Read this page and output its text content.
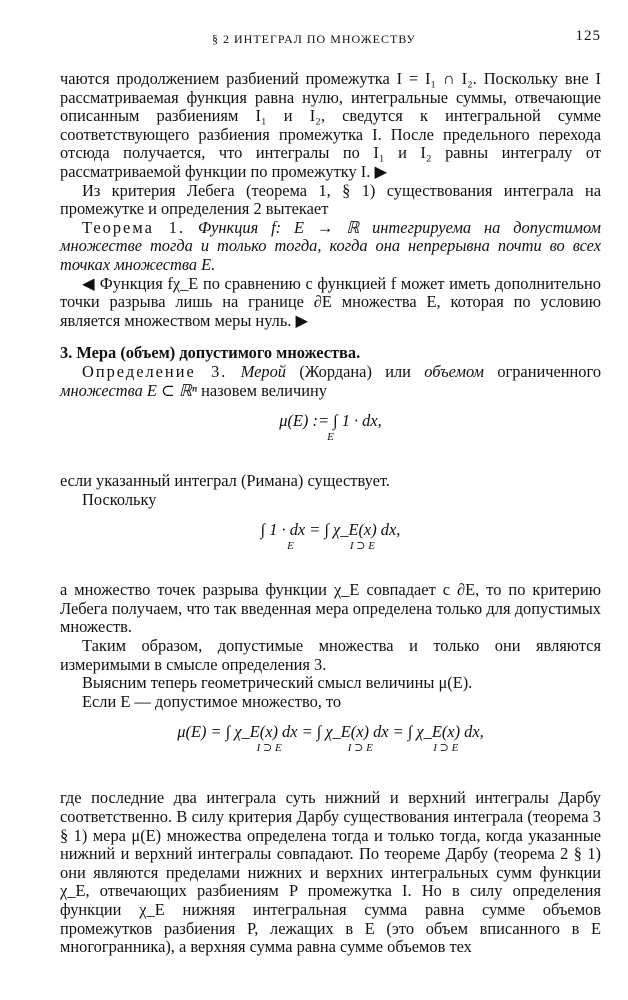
§ 2 ИНТЕГРАЛ ПО МНОЖЕСТВУ	125

чаются продолжением разбиений промежутка I = I₁ ∩ I₂. Поскольку вне I рассматриваемая функция равна нулю, интегральные суммы, отвечающие описанным разбиениям I₁ и I₂, сведутся к интегральной сумме соответствующего разбиения промежутка I. После предельного перехода отсюда получается, что интегралы по I₁ и I₂ равны интегралу от рассматриваемой функции по промежутку I. ▶

Из критерия Лебега (теорема 1, § 1) существования интеграла на промежутке и определения 2 вытекает

Теорема 1. Функция f: E → ℝ интегрируема на допустимом множестве тогда и только тогда, когда она непрерывна почти во всех точках множества E.

◀ Функция fχ_E по сравнению с функцией f может иметь дополнительно точки разрыва лишь на границе ∂E множества E, которая по условию является множеством меры нуль. ▶

3. Мера (объем) допустимого множества.

Определение 3. Мерой (Жордана) или объемом ограниченного множества E ⊂ ℝⁿ назовем величину

μ(E) := ∫ 1 · dx,
E

если указанный интеграл (Римана) существует.

Поскольку

∫ 1 · dx =
E
∫ χ_E(x) dx,
I ⊃ E

а множество точек разрыва функции χ_E совпадает с ∂E, то по критерию Лебега получаем, что так введенная мера определена только для допустимых множеств.

Таким образом, допустимые множества и только они являются измеримыми в смысле определения 3.

Выясним теперь геометрический смысл величины μ(E).

Если E — допустимое множество, то

μ(E) = ∫ χ_E(x) dx =
I ⊃ E
∫ χ_E(x) dx =
I ⊃ E
∫ χ_E(x) dx,
I ⊃ E

где последние два интеграла суть нижний и верхний интегралы Дарбу соответственно. В силу критерия Дарбу существования интеграла (теорема 3 § 1) мера μ(E) множества определена тогда и только тогда, когда указанные нижний и верхний интегралы совпадают. По теореме Дарбу (теорема 2 § 1) они являются пределами нижних и верхних интегральных сумм функции χ_E, отвечающих разбиениям P промежутка I. Но в силу определения функции χ_E нижняя интегральная сумма равна сумме объемов промежутков разбиения P, лежащих в E (это объем вписанного в E многогранника), а верхняя сумма равна сумме объемов тех
